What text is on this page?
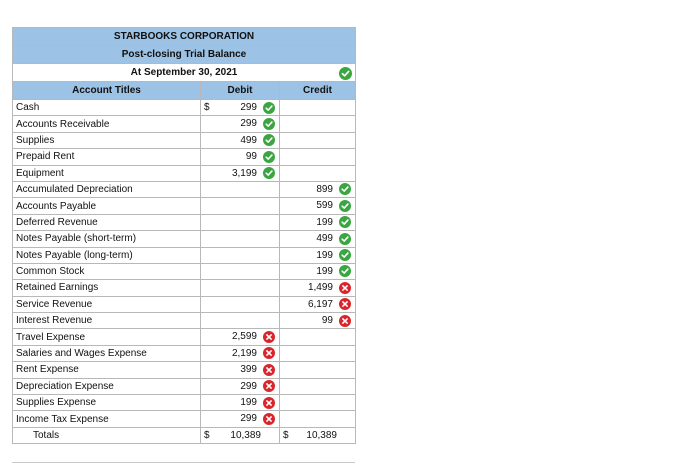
STARBOOKS CORPORATION		
Post-closing Trial Balance		
At September 30, 2021		

Account Titles	Debit	Credit
Cash	$ 299	

Accounts Receivable	299	

Supplies	499	

Prepaid Rent	99	

Equipment	3,199	

Accumulated Depreciation		899

Accounts Payable		599

Deferred Revenue		199

Notes Payable (short-term)		499

Notes Payable (long-term)		199

Common Stock		199

Retained Earnings		1,499

Service Revenue		6,197

Interest Revenue		99

Travel Expense	2,599	

Salaries and Wages Expense	2,199	

Rent Expense	399	

Depreciation Expense	299	

Supplies Expense	199	

Income Tax Expense	299	

Totals	$ 10,389	$ 10,389
